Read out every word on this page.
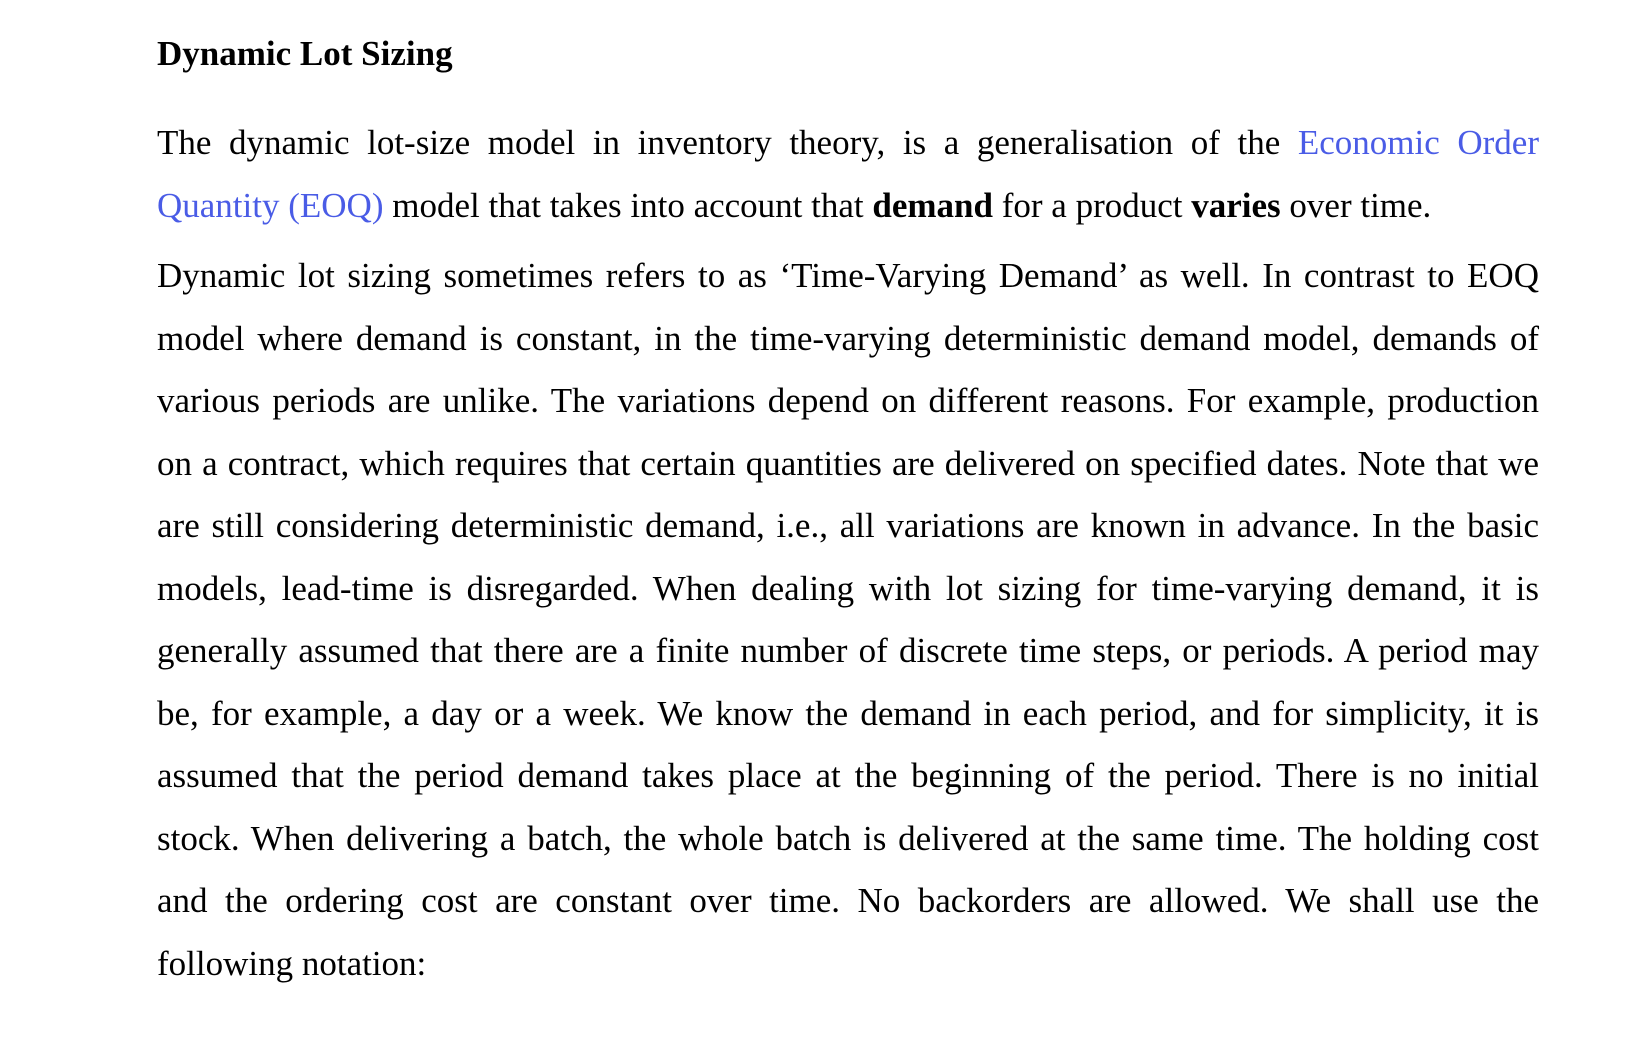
Dynamic Lot Sizing

The dynamic lot-size model in inventory theory, is a generalisation of the Economic Order Quantity (EOQ) model that takes into account that demand for a product varies over time.

Dynamic lot sizing sometimes refers to as ‘Time-Varying Demand’ as well. In contrast to EOQ model where demand is constant, in the time-varying deterministic demand model, demands of various periods are unlike. The variations depend on different reasons. For example, production on a contract, which requires that certain quantities are delivered on specified dates. Note that we are still considering deterministic demand, i.e., all variations are known in advance. In the basic models, lead-time is disregarded. When dealing with lot sizing for time-varying demand, it is generally assumed that there are a finite number of discrete time steps, or periods. A period may be, for example, a day or a week. We know the demand in each period, and for simplicity, it is assumed that the period demand takes place at the beginning of the period. There is no initial stock. When delivering a batch, the whole batch is delivered at the same time. The holding cost and the ordering cost are constant over time. No backorders are allowed. We shall use the following notation:
